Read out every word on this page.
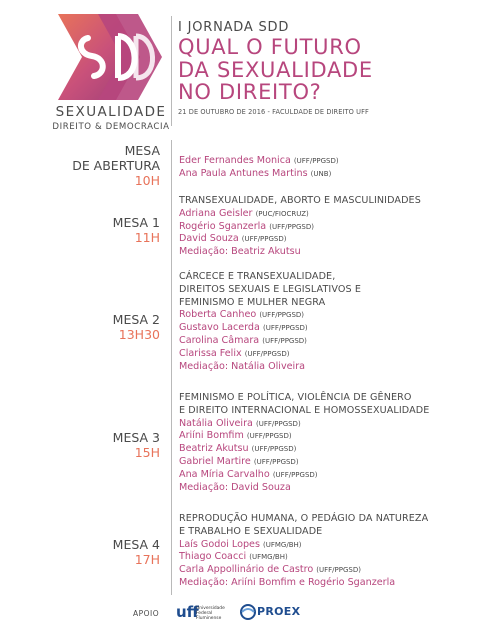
SEXUALIDADE
DIREITO & DEMOCRACIA
I JORNADA SDD
QUAL O FUTURO
DA SEXUALIDADE
NO DIREITO?
21 DE OUTUBRO DE 2016 - FACULDADE DE DIREITO UFF
MESA
DE ABERTURA
10H
Eder Fernandes Monica (UFF/PPGSD)
Ana Paula Antunes Martins (UNB)
MESA 1
11H
TRANSEXUALIDADE, ABORTO E MASCULINIDADES
Adriana Geisler (PUC/FIOCRUZ)
Rogério Sganzerla (UFF/PPGSD)
David Souza (UFF/PPGSD)
Mediação: Beatriz Akutsu
MESA 2
13H30
CÁRCECE E TRANSEXUALIDADE,
DIREITOS SEXUAIS E LEGISLATIVOS E
FEMINISMO E MULHER NEGRA
Roberta Canheo (UFF/PPGSD)
Gustavo Lacerda (UFF/PPGSD)
Carolina Câmara (UFF/PPGSD)
Clarissa Felix (UFF/PPGSD)
Mediação: Natália Oliveira
MESA 3
15H
FEMINISMO E POLÍTICA, VIOLÊNCIA DE GÊNERO
E DIREITO INTERNACIONAL E HOMOSSEXUALIDADE
Natália Oliveira (UFF/PPGSD)
Ariíni Bomfim (UFF/PPGSD)
Beatriz Akutsu (UFF/PPGSD)
Gabriel Martire (UFF/PPGSD)
Ana Míria Carvalho (UFF/PPGSD)
Mediação: David Souza
MESA 4
17H
REPRODUÇÃO HUMANA, O PEDÁGIO DA NATUREZA
E TRABALHO E SEXUALIDADE
Laís Godoi Lopes (UFMG/BH)
Thiago Coacci (UFMG/BH)
Carla Appollinário de Castro (UFF/PPGSD)
Mediação: Ariíni Bomfim e Rogério Sganzerla
APOIO uff
Universidade
Federal
Fluminense
PROEX
